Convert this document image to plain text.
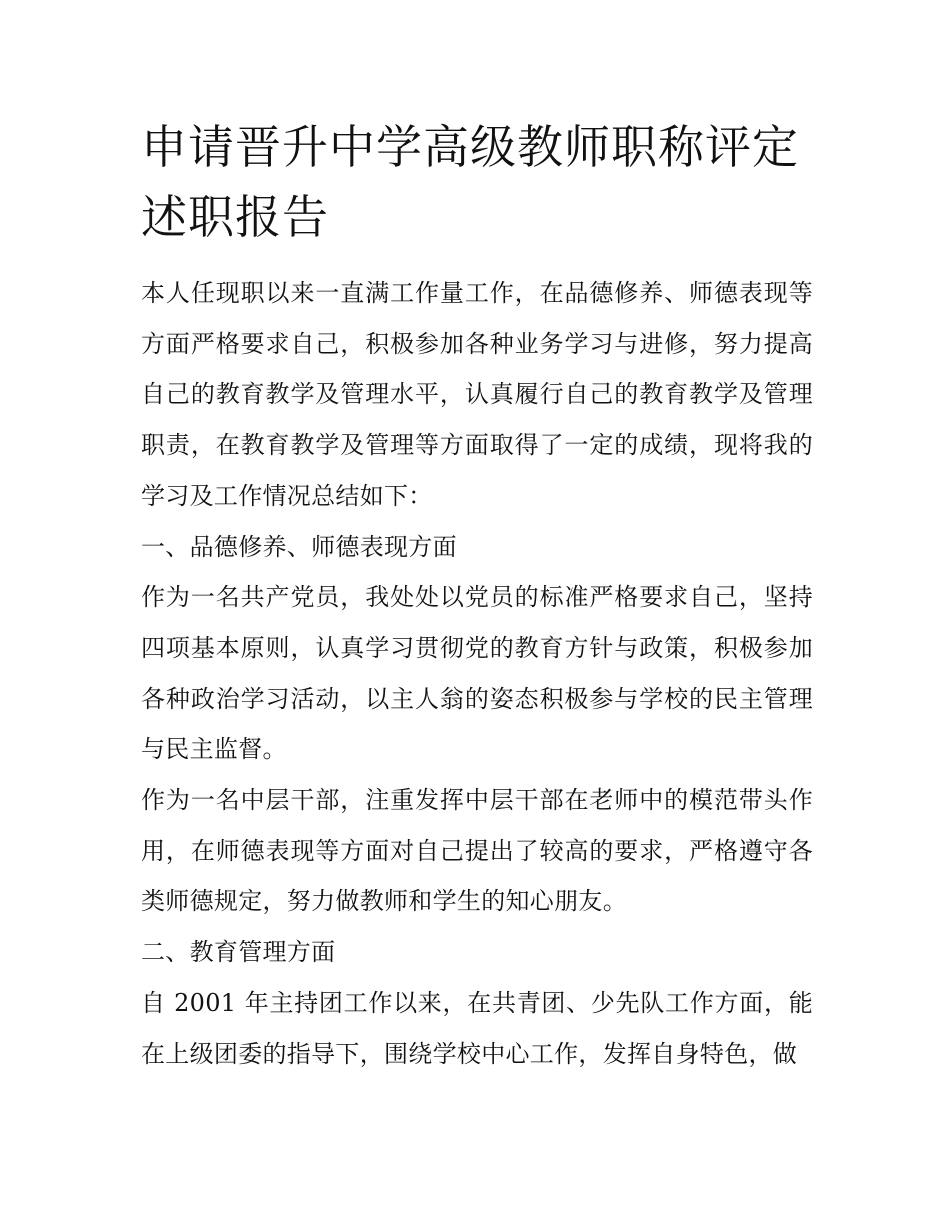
申请晋升中学高级教师职称评定述职报告

本人任现职以来一直满工作量工作，在品德修养、师德表现等方面严格要求自己，积极参加各种业务学习与进修，努力提高自己的教育教学及管理水平，认真履行自己的教育教学及管理职责，在教育教学及管理等方面取得了一定的成绩，现将我的学习及工作情况总结如下：

一、品德修养、师德表现方面

作为一名共产党员，我处处以党员的标准严格要求自己，坚持四项基本原则，认真学习贯彻党的教育方针与政策，积极参加各种政治学习活动，以主人翁的姿态积极参与学校的民主管理与民主监督。

作为一名中层干部，注重发挥中层干部在老师中的模范带头作用，在师德表现等方面对自己提出了较高的要求，严格遵守各类师德规定，努力做教师和学生的知心朋友。

二、教育管理方面

自 2001 年主持团工作以来，在共青团、少先队工作方面，能在上级团委的指导下，围绕学校中心工作，发挥自身特色，做
